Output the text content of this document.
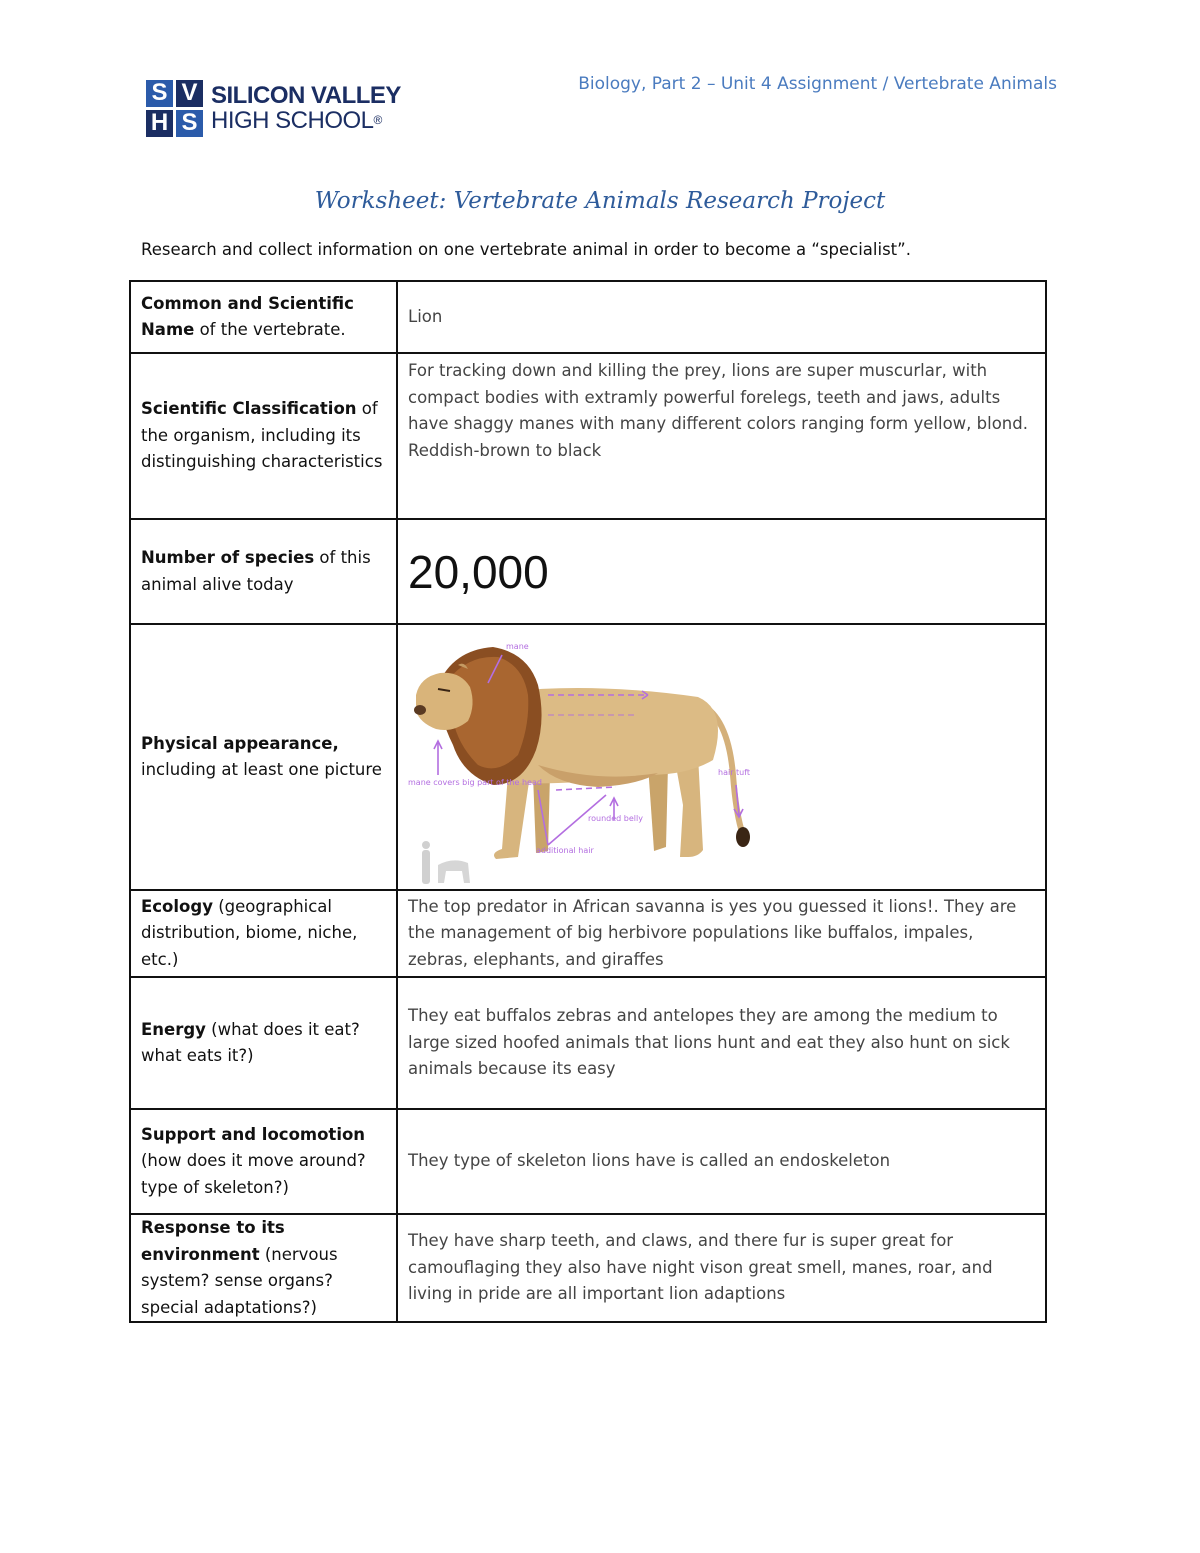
S V
H S
SILICON VALLEY
HIGH SCHOOL®
Biology, Part 2 – Unit 4 Assignment / Vertebrate Animals
Worksheet: Vertebrate Animals Research Project
Research and collect information on one vertebrate animal in order to become a “specialist”.
Common and Scientific Name of the vertebrate.	Lion
Scientific Classification of the organism, including its distinguishing characteristics	For tracking down and killing the prey, lions are super muscurlar, with compact bodies with extramly powerful forelegs, teeth and jaws, adults have shaggy manes with many different colors ranging form yellow, blond. Reddish-brown to black

Number of species of this animal alive today	20,000
Physical appearance, including at least one picture	mane
mane covers big part of the head
additional hair
rounded belly
hair tuft

Ecology (geographical distribution, biome, niche, etc.)	The top predator in African savanna is yes you guessed it lions!. They are the management of big herbivore populations like buffalos, impales, zebras, elephants, and giraffes
Energy (what does it eat? what eats it?)	They eat buffalos zebras and antelopes they are among the medium to large sized hoofed animals that lions hunt and eat they also hunt on sick animals because its easy
Support and locomotion (how does it move around? type of skeleton?)	They type of skeleton lions have is called an endoskeleton
Response to its environment (nervous system? sense organs? special adaptations?)	They have sharp teeth, and claws, and there fur is super great for camouflaging they also have night vison great smell, manes, roar, and living in pride are all important lion adaptions
